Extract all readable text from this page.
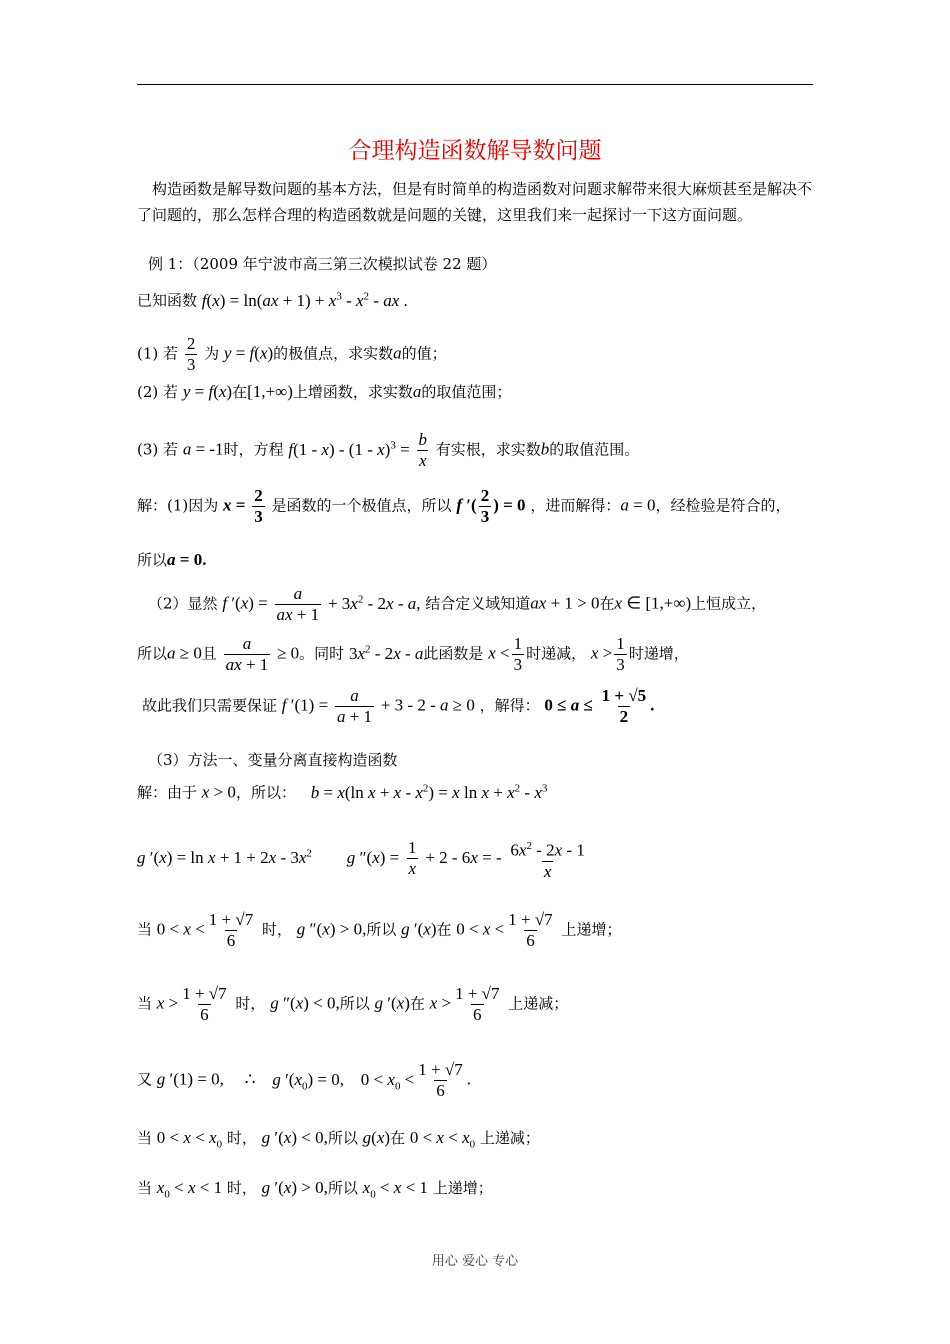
合理构造函数解导数问题
构造函数是解导数问题的基本方法，但是有时简单的构造函数对问题求解带来很大麻烦甚至是解决不了问题的，那么怎样合理的构造函数就是问题的关键，这里我们来一起探讨一下这方面问题。
例 1：（2009 年宁波市高三第三次模拟试卷 22 题）
已知函数 $f(x) = \ln(ax + 1) + x^3 - x^2$ - ax .
(1) 若 $\frac{2}{3}$ 为 y = f(x)的极值点，求实数a的值；
(2) 若 y = f(x)在[1,+∞)上增函数，求实数a的取值范围；
(3) 若 a = -1时，方程 $f(1 - x) - (1 - x)^3 = \frac{b}{x}$ 有实根，求实数b的取值范围。
解：(1)因为 $x = \frac{2}{3}$ 是函数的一个极值点，所以 f ′( $\frac{2}{3}$ ) = 0 ，进而解得：a = 0，经检验是符合的，
所以a = 0.
（2）显然 f $'(x) = \frac{a}{ax + 1} + 3x^2 - 2x - a$, 结合定义域知道ax + 1 > 0在x ∈ [1,+∞)上恒成立，
所以a ≥ 0且 $\frac{a}{ax + 1} \ge 0$。同时 $3x^2 - 2x$ - a此函数是 $x < \frac{1}{3}$ 时递减， $x > \frac{1}{3}$ 时递增，
故此我们只需要保证 f $'(1) = \frac{a}{a + 1} + 3 - 2 - a \ge 0$ ，解得： $0 \le a \le \frac{1 + √5}{2}$ .
（3）方法一、变量分离直接构造函数
解：由于 x > 0，所以： b = x(ln $x + x - x^2) = x$ $\ln x + x^2 - x^3$
g $'(x) = \ln x + 1 + 2x - 3x^2$ g $''(x) = \frac{1}{x} + 2 - 6x$ = - $\frac{6x^2 - 2x - 1}{x}$
当 $0 < x < \frac{1 + √7}{6}$ 时， g ″(x) > 0,所以 g ′(x)在 $0 < x < \frac{1 + √7}{6}$ 上递增；
当 $x > \frac{1 + √7}{6}$ 时， g ″(x) < 0,所以 g ′(x)在 $x > \frac{1 + √7}{6}$ 上递减；
又 g ′(1) = 0, ∴ g $'(x_0) = 0$, $0 < x_0 < \frac{1 + √7}{6}$ .
当 $0 < x < x_0$ 时， g ′(x) < 0,所以 g(x)在 $0 < x < x_0$ 上递减；
当 $x_0 < x < 1$ 时， g ′(x) > 0,所以 $x_0 < x < 1$ 上递增；
用心 爱心 专心
